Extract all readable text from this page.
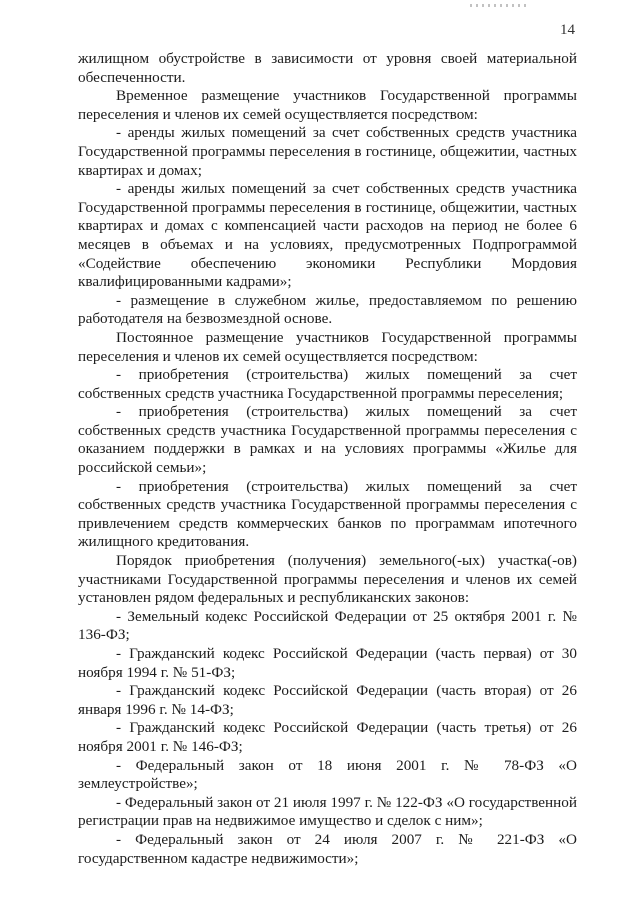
14

жилищном обустройстве в зависимости от уровня своей материальной обеспеченности.

Временное размещение участников Государственной программы переселения и членов их семей осуществляется посредством:

- аренды жилых помещений за счет собственных средств участника Государственной программы переселения в гостинице, общежитии, частных квартирах и домах;

- аренды жилых помещений за счет собственных средств участника Государственной программы переселения в гостинице, общежитии, частных квартирах и домах с компенсацией части расходов на период не более 6 месяцев в объемах и на условиях, предусмотренных Подпрограммой «Содействие обеспечению экономики Республики Мордовия квалифицированными кадрами»;

- размещение в служебном жилье, предоставляемом по решению работодателя на безвозмездной основе.

Постоянное размещение участников Государственной программы переселения и членов их семей осуществляется посредством:

- приобретения (строительства) жилых помещений за счет собственных средств участника Государственной программы переселения;

- приобретения (строительства) жилых помещений за счет собственных средств участника Государственной программы переселения с оказанием поддержки в рамках и на условиях программы «Жилье для российской семьи»;

- приобретения (строительства) жилых помещений за счет собственных средств участника Государственной программы переселения с привлечением средств коммерческих банков по программам ипотечного жилищного кредитования.

Порядок приобретения (получения) земельного(-ых) участка(-ов) участниками Государственной программы переселения и членов их семей установлен рядом федеральных и республиканских законов:

- Земельный кодекс Российской Федерации от 25 октября 2001 г. № 136-ФЗ;

- Гражданский кодекс Российской Федерации (часть первая) от 30 ноября 1994 г. № 51-ФЗ;

- Гражданский кодекс Российской Федерации (часть вторая) от 26 января 1996 г. № 14-ФЗ;

- Гражданский кодекс Российской Федерации (часть третья) от 26 ноября 2001 г. № 146-ФЗ;

- Федеральный закон от 18 июня 2001 г. № 78-ФЗ «О землеустройстве»;

- Федеральный закон от 21 июля 1997 г. № 122-ФЗ «О государственной регистрации прав на недвижимое имущество и сделок с ним»;

- Федеральный закон от 24 июля 2007 г. № 221-ФЗ «О государственном кадастре недвижимости»;
